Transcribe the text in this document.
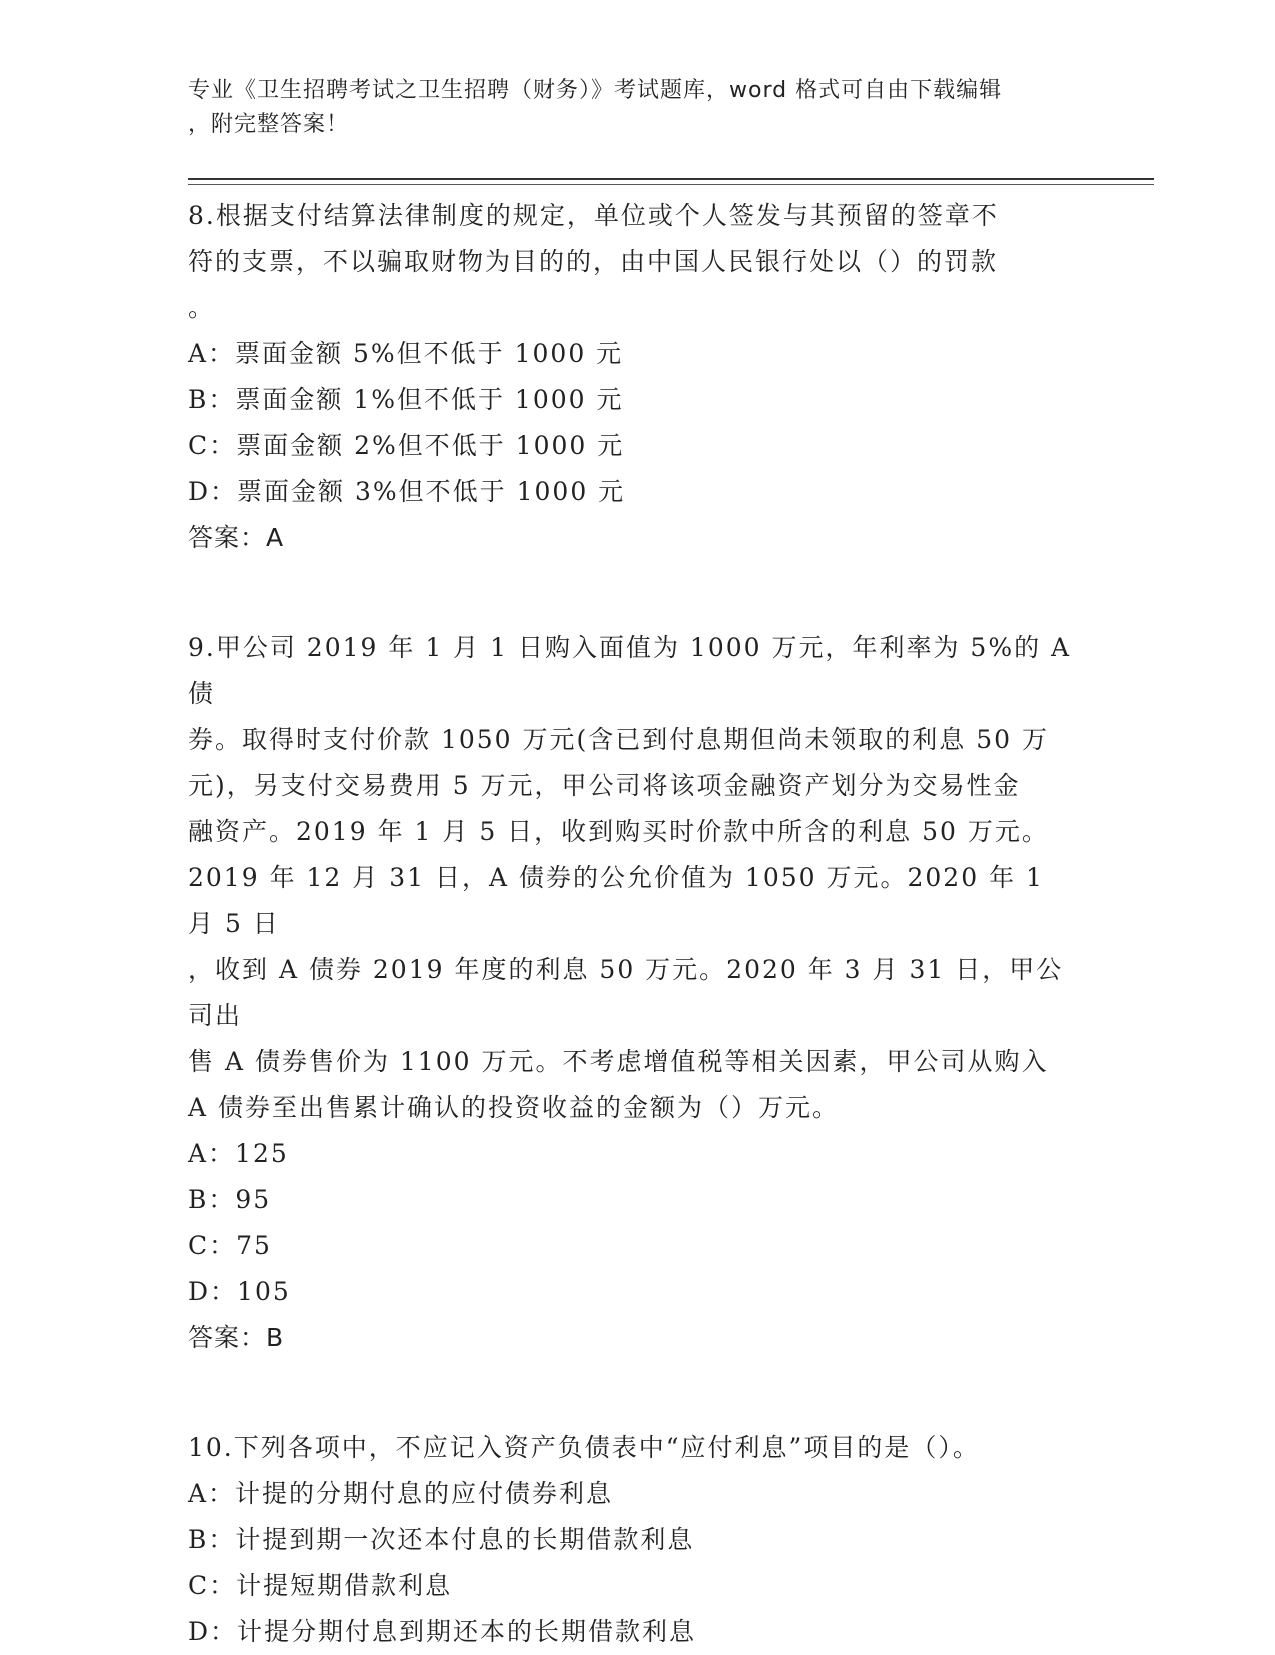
专业《卫生招聘考试之卫生招聘（财务）》考试题库，word 格式可自由下载编辑
，附完整答案！

8.根据支付结算法律制度的规定，单位或个人签发与其预留的签章不

符的支票，不以骗取财物为目的的，由中国人民银行处以（）的罚款

。

A：票面金额 5%但不低于 1000 元

B：票面金额 1%但不低于 1000 元

C：票面金额 2%但不低于 1000 元

D：票面金额 3%但不低于 1000 元

答案：A

9.甲公司 2019 年 1 月 1 日购入面值为 1000 万元，年利率为 5%的 A 债

券。取得时支付价款 1050 万元(含已到付息期但尚未领取的利息 50 万

元)，另支付交易费用 5 万元，甲公司将该项金融资产划分为交易性金

融资产。2019 年 1 月 5 日，收到购买时价款中所含的利息 50 万元。

2019 年 12 月 31 日，A 债券的公允价值为 1050 万元。2020 年 1 月 5 日

，收到 A 债券 2019 年度的利息 50 万元。2020 年 3 月 31 日，甲公司出

售 A 债券售价为 1100 万元。不考虑增值税等相关因素，甲公司从购入

A 债券至出售累计确认的投资收益的金额为（）万元。

A：125

B：95

C：75

D：105

答案：B

10.下列各项中，不应记入资产负债表中“应付利息”项目的是（）。

A：计提的分期付息的应付债券利息

B：计提到期一次还本付息的长期借款利息

C：计提短期借款利息

D：计提分期付息到期还本的长期借款利息
